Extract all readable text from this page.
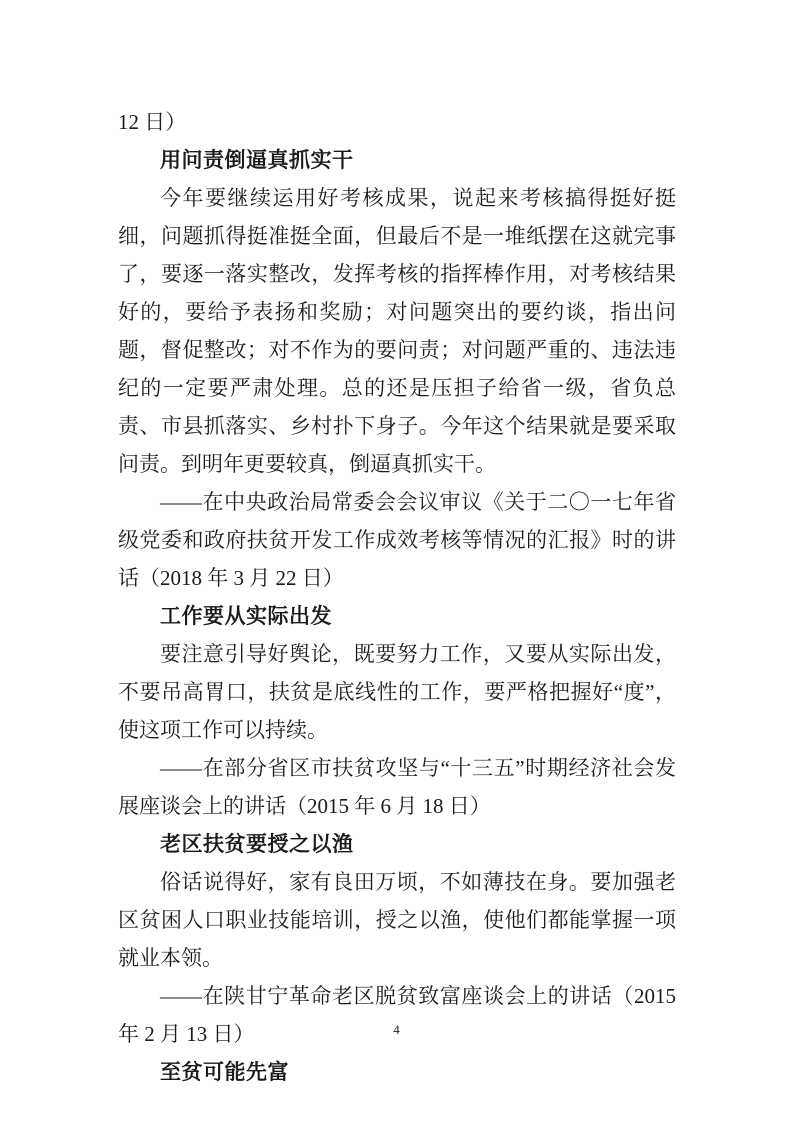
12 日）

用问责倒逼真抓实干

今年要继续运用好考核成果，说起来考核搞得挺好挺细，问题抓得挺准挺全面，但最后不是一堆纸摆在这就完事了，要逐一落实整改，发挥考核的指挥棒作用，对考核结果好的，要给予表扬和奖励；对问题突出的要约谈，指出问题，督促整改；对不作为的要问责；对问题严重的、违法违纪的一定要严肃处理。总的还是压担子给省一级，省负总责、市县抓落实、乡村扑下身子。今年这个结果就是要采取问责。到明年更要较真，倒逼真抓实干。

——在中央政治局常委会会议审议《关于二〇一七年省级党委和政府扶贫开发工作成效考核等情况的汇报》时的讲话（2018 年 3 月 22 日）

工作要从实际出发

要注意引导好舆论，既要努力工作，又要从实际出发，不要吊高胃口，扶贫是底线性的工作，要严格把握好“度”，使这项工作可以持续。

——在部分省区市扶贫攻坚与“十三五”时期经济社会发展座谈会上的讲话（2015 年 6 月 18 日）

老区扶贫要授之以渔

俗话说得好，家有良田万顷，不如薄技在身。要加强老区贫困人口职业技能培训，授之以渔，使他们都能掌握一项就业本领。

——在陕甘宁革命老区脱贫致富座谈会上的讲话（2015 年 2 月 13 日）

至贫可能先富
4
